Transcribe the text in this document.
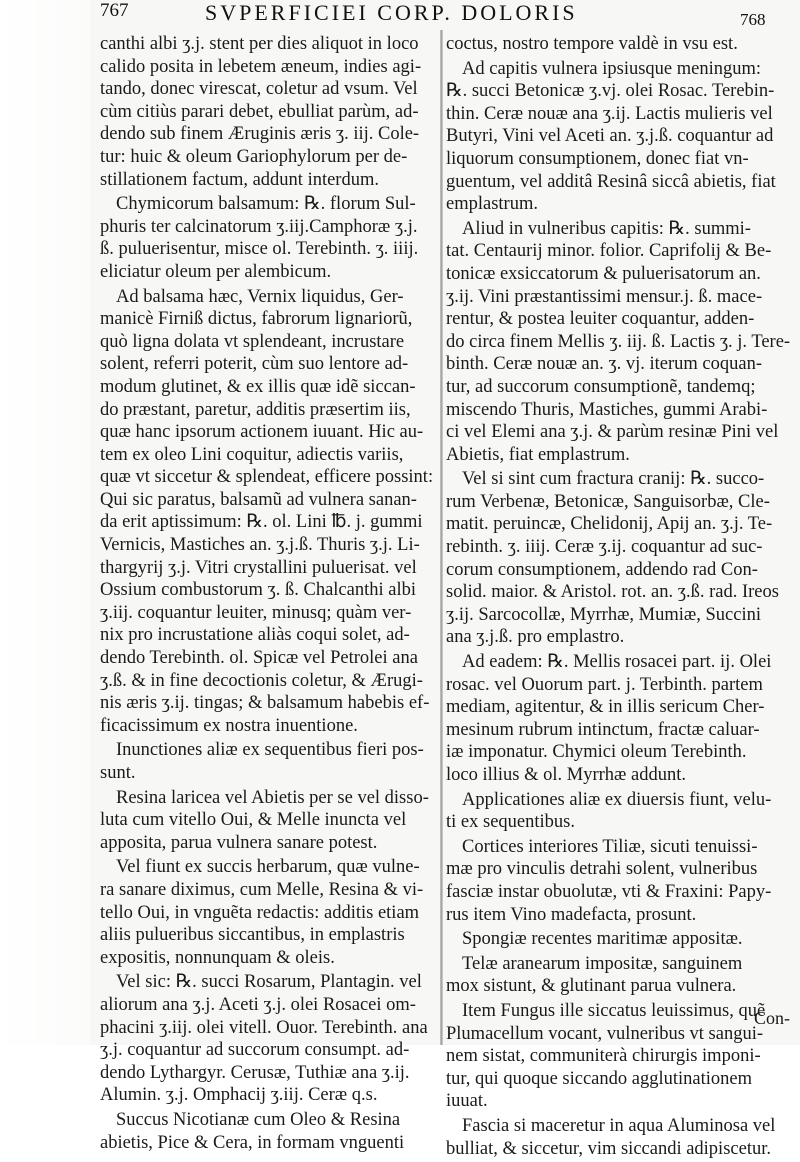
767	SVPERFICIEI CORP. DOLORIS	768
canthi albi ʒ.j. stent per dies aliquot in loco
calido posita in lebetem æneum, indies agi-
tando, donec virescat, coletur ad vsum. Vel
cùm citiùs parari debet, ebulliat parùm, ad-
dendo sub finem Æruginis æris ʒ. iij. Cole-
tur: huic & oleum Gariophylorum per de-
stillationem factum, addunt interdum.
Chymicorum balsamum: ℞. florum Sul-
phuris ter calcinatorum ʒ.iij.Camphoræ ʒ.j.
ß. puluerisentur, misce ol. Terebinth. ʒ. iiij.
eliciatur oleum per alembicum.
Ad balsama hæc, Vernix liquidus, Ger-
manicè Firniß dictus, fabrorum lignariorũ,
quò ligna dolata vt splendeant, incrustare
solent, referri poterit, cùm suo lentore ad-
modum glutinet, & ex illis quæ idẽ siccan-
do præstant, paretur, additis præsertim iis,
quæ hanc ipsorum actionem iuuant. Hic au-
tem ex oleo Lini coquitur, adiectis variis,
quæ vt siccetur & splendeat, efficere possint:
Qui sic paratus, balsamũ ad vulnera sanan-
da erit aptissimum: ℞. ol. Lini ℔. j. gummi
Vernicis, Mastiches an. ʒ.j.ß. Thuris ʒ.j. Li-
thargyrij ʒ.j. Vitri crystallini puluerisat. vel
Ossium combustorum ʒ. ß. Chalcanthi albi
ʒ.iij. coquantur leuiter, minusq; quàm ver-
nix pro incrustatione aliàs coqui solet, ad-
dendo Terebinth. ol. Spicæ vel Petrolei ana
ʒ.ß. & in fine decoctionis coletur, & Ærugi-
nis æris ʒ.ij. tingas; & balsamum habebis ef-
ficacissimum ex nostra inuentione.
Inunctiones aliæ ex sequentibus fieri pos-
sunt.
Resina laricea vel Abietis per se vel disso-
luta cum vitello Oui, & Melle inuncta vel
apposita, parua vulnera sanare potest.
Vel fiunt ex succis herbarum, quæ vulne-
ra sanare diximus, cum Melle, Resina & vi-
tello Oui, in vnguẽta redactis: additis etiam
aliis pulueribus siccantibus, in emplastris
expositis, nonnunquam & oleis.
Vel sic: ℞. succi Rosarum, Plantagin. vel
aliorum ana ʒ.j. Aceti ʒ.j. olei Rosacei om-
phacini ʒ.iij. olei vitell. Ouor. Terebinth. ana
ʒ.j. coquantur ad succorum consumpt. ad-
dendo Lythargyr. Cerusæ, Tuthiæ ana ʒ.ij.
Alumin. ʒ.j. Omphacij ʒ.iij. Ceræ q.s.
Succus Nicotianæ cum Oleo & Resina
abietis, Pice & Cera, in formam vnguenti
coctus, nostro tempore valdè in vsu est.
Ad capitis vulnera ipsiusque meningum:
℞. succi Betonicæ ʒ.vj. olei Rosac. Terebin-
thin. Ceræ nouæ ana ʒ.ij. Lactis mulieris vel
Butyri, Vini vel Aceti an. ʒ.j.ß. coquantur ad
liquorum consumptionem, donec fiat vn-
guentum, vel additâ Resinâ siccâ abietis, fiat
emplastrum.
Aliud in vulneribus capitis: ℞. summi-
tat. Centaurij minor. folior. Caprifolij & Be-
tonicæ exsiccatorum & puluerisatorum an.
ʒ.ij. Vini præstantissimi mensur.j. ß. mace-
rentur, & postea leuiter coquantur, adden-
do circa finem Mellis ʒ. iij. ß. Lactis ʒ. j. Tere-
binth. Ceræ nouæ an. ʒ. vj. iterum coquan-
tur, ad succorum consumptionẽ, tandemq;
miscendo Thuris, Mastiches, gummi Arabi-
ci vel Elemi ana ʒ.j. & parùm resinæ Pini vel
Abietis, fiat emplastrum.
Vel si sint cum fractura cranij: ℞. succo-
rum Verbenæ, Betonicæ, Sanguisorbæ, Cle-
matit. peruincæ, Chelidonij, Apij an. ʒ.j. Te-
rebinth. ʒ. iiij. Ceræ ʒ.ij. coquantur ad suc-
corum consumptionem, addendo rad Con-
solid. maior. & Aristol. rot. an. ʒ.ß. rad. Ireos
ʒ.ij. Sarcocollæ, Myrrhæ, Mumiæ, Succini
ana ʒ.j.ß. pro emplastro.
Ad eadem: ℞. Mellis rosacei part. ij. Olei
rosac. vel Ouorum part. j. Terbinth. partem
mediam, agitentur, & in illis sericum Cher-
mesinum rubrum intinctum, fractæ caluar-
iæ imponatur. Chymici oleum Terebinth.
loco illius & ol. Myrrhæ addunt.
Applicationes aliæ ex diuersis fiunt, velu-
ti ex sequentibus.
Cortices interiores Tiliæ, sicuti tenuissi-
mæ pro vinculis detrahi solent, vulneribus
fasciæ instar obuolutæ, vti & Fraxini: Papy-
rus item Vino madefacta, prosunt.
Spongiæ recentes maritimæ appositæ.
Telæ aranearum impositæ, sanguinem
mox sistunt, & glutinant parua vulnera.
Item Fungus ille siccatus leuissimus, quẽ
Plumacellum vocant, vulneribus vt sangui-
nem sistat, communiterà chirurgis imponi-
tur, qui quoque siccando agglutinationem
iuuat.
Fascia si maceretur in aqua Aluminosa vel
bulliat, & siccetur, vim siccandi adipiscetur.
Con-
